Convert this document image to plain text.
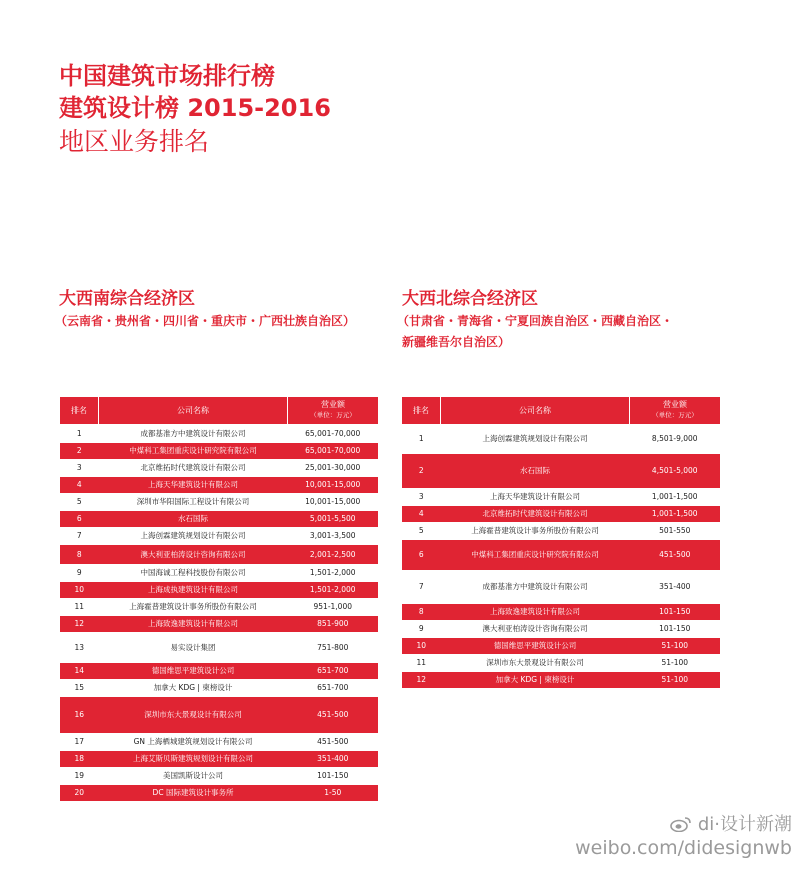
中国建筑市场排行榜
建筑设计榜 2015-2016
地区业务排名
大西南综合经济区
（云南省・贵州省・四川省・重庆市・广西壮族自治区）
排名	公司名称	营业额
（单位：万元）

1	成都基准方中建筑设计有限公司	65,001-70,000
2	中煤科工集团重庆设计研究院有限公司	65,001-70,000
3	北京维拓时代建筑设计有限公司	25,001-30,000
4	上海天华建筑设计有限公司	10,001-15,000
5	深圳市华阳国际工程设计有限公司	10,001-15,000
6	水石国际	5,001-5,500
7	上海创霖建筑规划设计有限公司	3,001-3,500
8	澳大利亚柏涛设计咨询有限公司	2,001-2,500
9	中国海诚工程科技股份有限公司	1,501-2,000
10	上海成执建筑设计有限公司	1,501-2,000
11	上海霍普建筑设计事务所股份有限公司	951-1,000
12	上海致逸建筑设计有限公司	851-900
13	易实设计集团	751-800
14	德国维思平建筑设计公司	651-700
15	加拿大 KDG | 柬榜设计	651-700
16	深圳市东大景观设计有限公司	451-500
17	GN 上海栖城建筑规划设计有限公司	451-500
18	上海艾斯贝斯建筑规划设计有限公司	351-400
19	美国凯斯设计公司	101-150
20	DC 国际建筑设计事务所	1-50
大西北综合经济区
（甘肃省・青海省・宁夏回族自治区・西藏自治区・
新疆维吾尔自治区）
排名	公司名称	营业额
（单位：万元）

1	上海创霖建筑规划设计有限公司	8,501-9,000
2	水石国际	4,501-5,000
3	上海天华建筑设计有限公司	1,001-1,500
4	北京维拓时代建筑设计有限公司	1,001-1,500
5	上海霍普建筑设计事务所股份有限公司	501-550
6	中煤科工集团重庆设计研究院有限公司	451-500
7	成都基准方中建筑设计有限公司	351-400
8	上海致逸建筑设计有限公司	101-150
9	澳大利亚柏涛设计咨询有限公司	101-150
10	德国维思平建筑设计公司	51-100
11	深圳市东大景观设计有限公司	51-100
12	加拿大 KDG | 柬榜设计	51-100
di·设计新潮
weibo.com/didesignwb
